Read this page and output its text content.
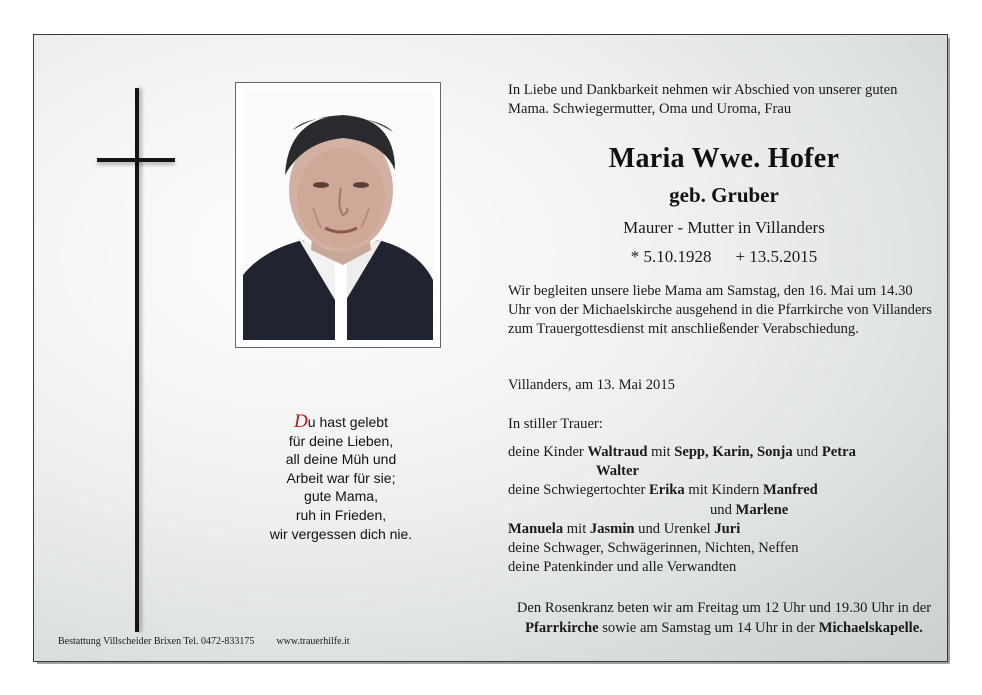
Du hast gelebt
für deine Lieben,
all deine Müh und
Arbeit war für sie;
gute Mama,
ruh in Frieden,
wir vergessen dich nie.
In Liebe und Dankbarkeit nehmen wir Abschied von unserer guten Mama. Schwiegermutter, Oma und Uroma, Frau
Maria Wwe. Hofer
geb. Gruber
Maurer - Mutter in Villanders
* 5.10.1928 + 13.5.2015
Wir begleiten unsere liebe Mama am Samstag, den 16. Mai um 14.30 Uhr von der Michaelskirche ausgehend in die Pfarrkirche von Villanders zum Trauergottesdienst mit anschließender Verabschiedung.
Villanders, am 13. Mai 2015
In stiller Trauer:
deine Kinder Waltraud mit Sepp, Karin, Sonja und Petra
Walter
deine Schwiegertochter Erika mit Kindern Manfred
und Marlene
Manuela mit Jasmin und Urenkel Juri
deine Schwager, Schwägerinnen, Nichten, Neffen
deine Patenkinder und alle Verwandten
Den Rosenkranz beten wir am Freitag um 12 Uhr und 19.30 Uhr in der
Pfarrkirche sowie am Samstag um 14 Uhr in der Michaelskapelle.
Bestattung Villscheider Brixen Tel. 0472-833175 www.trauerhilfe.it
